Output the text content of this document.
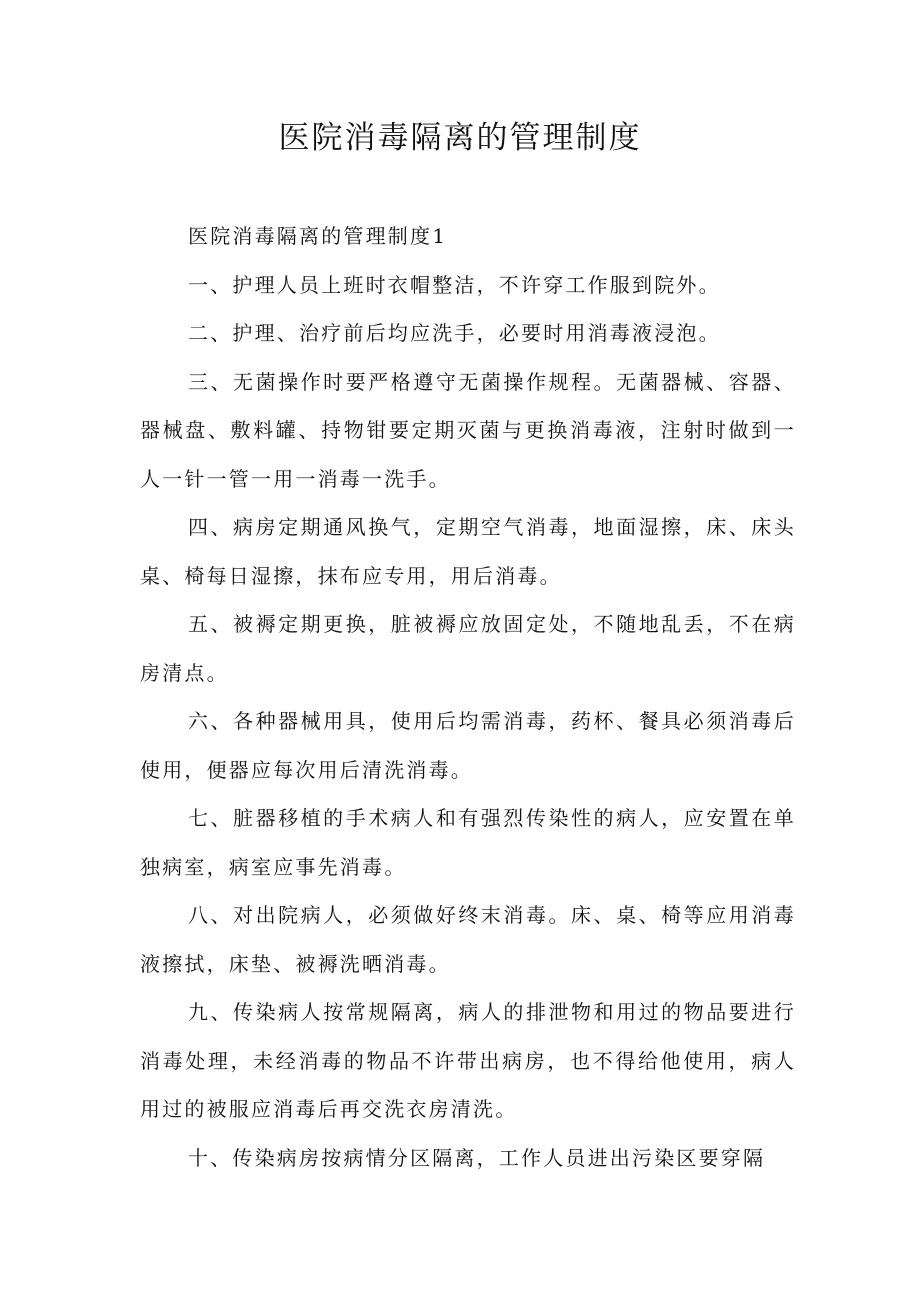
医院消毒隔离的管理制度

医院消毒隔离的管理制度1

一、护理人员上班时衣帽整洁，不许穿工作服到院外。

二、护理、治疗前后均应洗手，必要时用消毒液浸泡。

三、无菌操作时要严格遵守无菌操作规程。无菌器械、容器、器械盘、敷料罐、持物钳要定期灭菌与更换消毒液，注射时做到一人一针一管一用一消毒一洗手。

四、病房定期通风换气，定期空气消毒，地面湿擦，床、床头桌、椅每日湿擦，抹布应专用，用后消毒。

五、被褥定期更换，脏被褥应放固定处，不随地乱丢，不在病房清点。

六、各种器械用具，使用后均需消毒，药杯、餐具必须消毒后使用，便器应每次用后清洗消毒。

七、脏器移植的手术病人和有强烈传染性的病人，应安置在单独病室，病室应事先消毒。

八、对出院病人，必须做好终末消毒。床、桌、椅等应用消毒液擦拭，床垫、被褥洗晒消毒。

九、传染病人按常规隔离，病人的排泄物和用过的物品要进行消毒处理，未经消毒的物品不许带出病房，也不得给他使用，病人用过的被服应消毒后再交洗衣房清洗。

十、传染病房按病情分区隔离，工作人员进出污染区要穿隔
